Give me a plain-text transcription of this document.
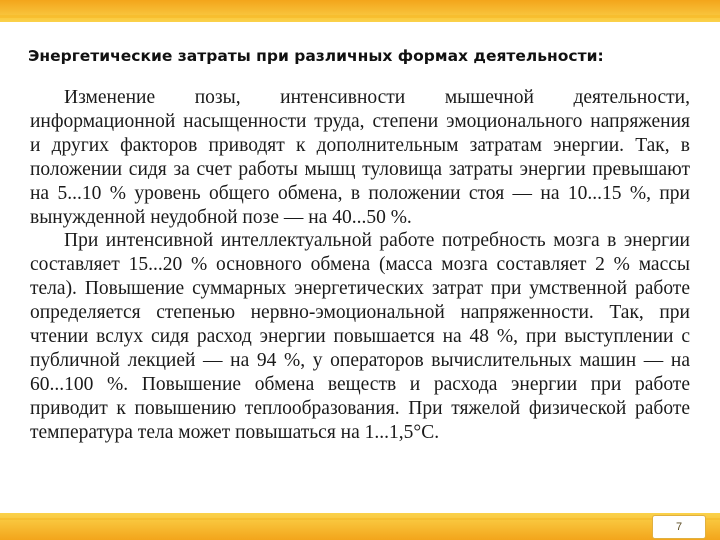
Энергетические затраты при различных формах деятельности:

Изменение позы, интенсивности мышечной деятельности, информационной насыщенности труда, степени эмоционального напряжения и других факторов приводят к дополнительным затратам энергии. Так, в положении сидя за счет работы мышц туловища затраты энергии превышают на 5...10 % уровень общего обмена, в положении стоя — на 10...15 %, при вынужденной неудобной позе — на 40...50 %.

При интенсивной интеллектуальной работе потребность мозга в энергии составляет 15...20 % основного обмена (масса мозга составляет 2 % массы тела). Повышение суммарных энергетических затрат при умственной работе определяется степенью нервно-эмоциональной напряженности. Так, при чтении вслух сидя расход энергии повышается на 48 %, при выступлении с публичной лекцией — на 94 %, у операторов вычислительных машин — на 60...100 %. Повышение обмена веществ и расхода энергии при работе приводит к повышению теплообразования. При тяжелой физической работе температура тела может повышаться на 1...1,5°С.

7
